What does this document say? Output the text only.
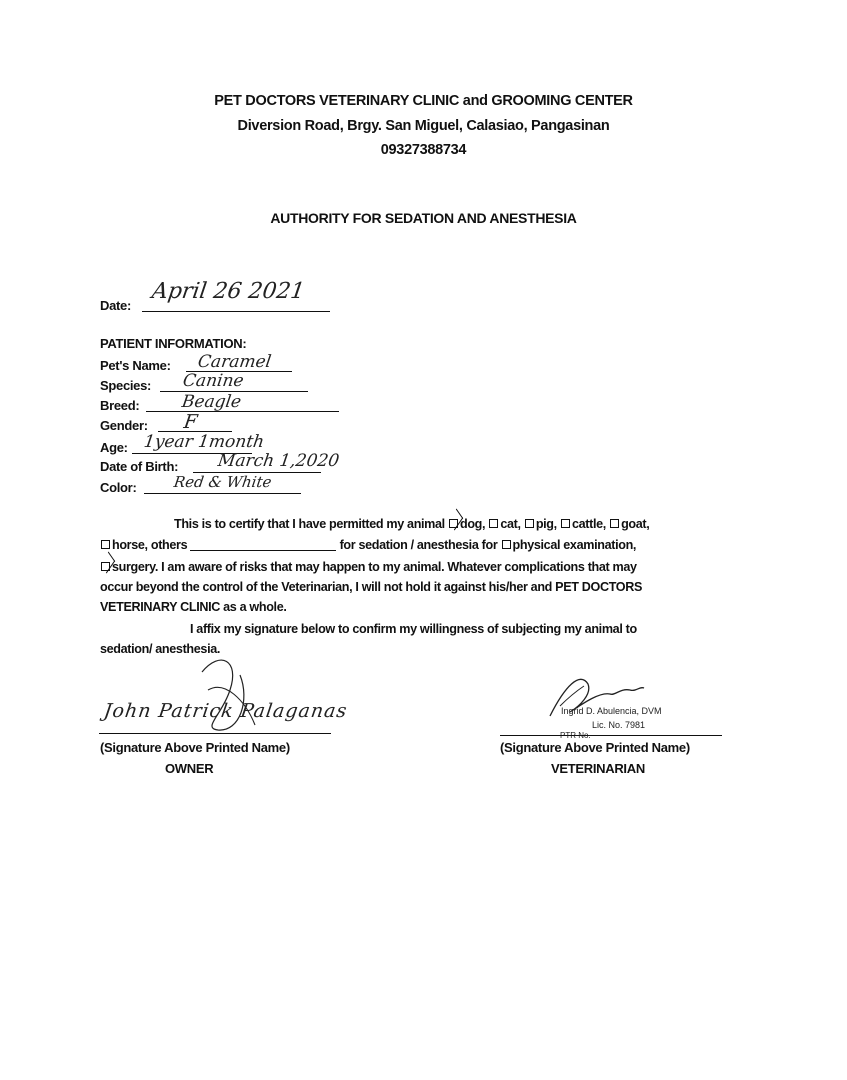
PET DOCTORS VETERINARY CLINIC and GROOMING CENTER
Diversion Road, Brgy. San Miguel, Calasiao, Pangasinan
09327388734
AUTHORITY FOR SEDATION AND ANESTHESIA
Date:
April 26 2021
PATIENT INFORMATION:
Pet's Name: Caramel
Species: Canine
Breed: Beagle
Gender: F
Age: 1year 1month
Date of Birth: March 1,2020
Color: Red & White
This is to certify that I have permitted my animal dog, cat, pig, cattle, goat,
horse, others	for sedation / anesthesia for physical examination,
surgery. I am aware of risks that may happen to my animal. Whatever complications that may
occur beyond the control of the Veterinarian, I will not hold it against his/her and PET DOCTORS
VETERINARY CLINIC as a whole.
I affix my signature below to confirm my willingness of subjecting my animal to
sedation/ anesthesia.
John Patrick Palaganas
(Signature Above Printed Name)
OWNER
Ingrid D. Abulencia, DVM
Lic. No. 7981
PTR No.
(Signature Above Printed Name)
VETERINARIAN
